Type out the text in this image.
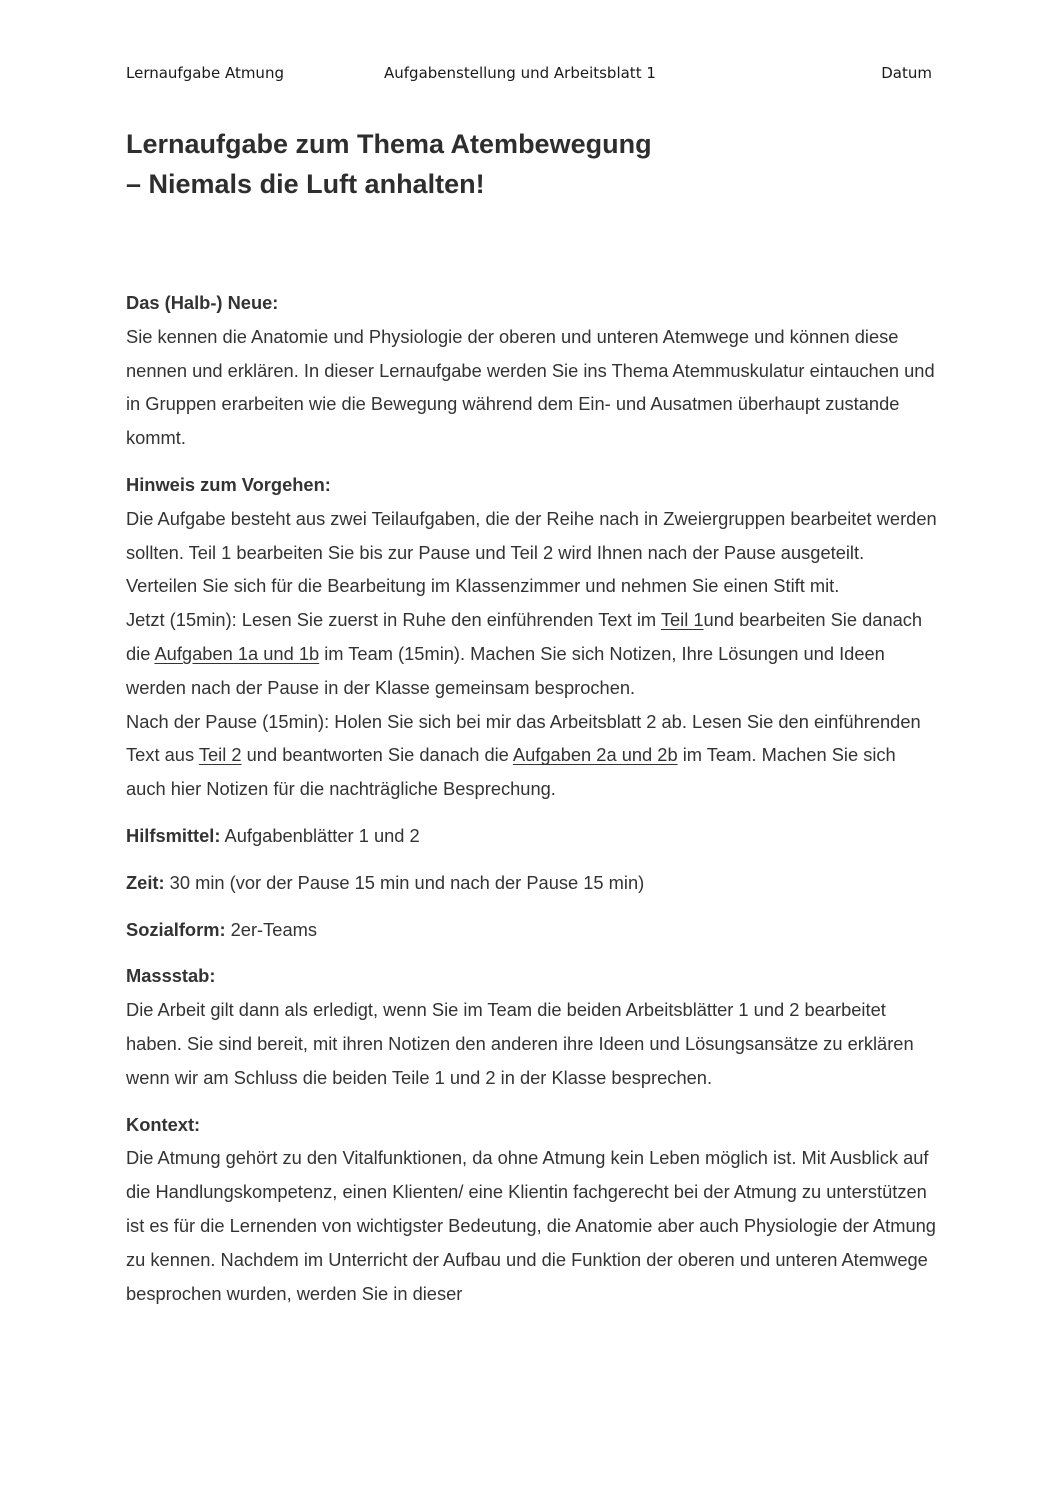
Lernaufgabe Atmung	Aufgabenstellung und Arbeitsblatt 1	Datum
Lernaufgabe zum Thema Atembewegung
– Niemals die Luft anhalten!
Das (Halb-) Neue:
Sie kennen die Anatomie und Physiologie der oberen und unteren Atemwege und können diese nennen und erklären. In dieser Lernaufgabe werden Sie ins Thema Atemmuskulatur eintauchen und in Gruppen erarbeiten wie die Bewegung während dem Ein- und Ausatmen überhaupt zustande kommt.
Hinweis zum Vorgehen:
Die Aufgabe besteht aus zwei Teilaufgaben, die der Reihe nach in Zweiergruppen bearbeitet werden sollten. Teil 1 bearbeiten Sie bis zur Pause und Teil 2 wird Ihnen nach der Pause ausgeteilt. Verteilen Sie sich für die Bearbeitung im Klassenzimmer und nehmen Sie einen Stift mit.
Jetzt (15min): Lesen Sie zuerst in Ruhe den einführenden Text im Teil 1und bearbeiten Sie danach die Aufgaben 1a und 1b im Team (15min). Machen Sie sich Notizen, Ihre Lösungen und Ideen werden nach der Pause in der Klasse gemeinsam besprochen.
Nach der Pause (15min): Holen Sie sich bei mir das Arbeitsblatt 2 ab. Lesen Sie den einführenden Text aus Teil 2 und beantworten Sie danach die Aufgaben 2a und 2b im Team. Machen Sie sich auch hier Notizen für die nachträgliche Besprechung.
Hilfsmittel: Aufgabenblätter 1 und 2
Zeit: 30 min (vor der Pause 15 min und nach der Pause 15 min)
Sozialform: 2er-Teams
Massstab:
Die Arbeit gilt dann als erledigt, wenn Sie im Team die beiden Arbeitsblätter 1 und 2 bearbeitet haben. Sie sind bereit, mit ihren Notizen den anderen ihre Ideen und Lösungsansätze zu erklären wenn wir am Schluss die beiden Teile 1 und 2 in der Klasse besprechen.
Kontext:
Die Atmung gehört zu den Vitalfunktionen, da ohne Atmung kein Leben möglich ist. Mit Ausblick auf die Handlungskompetenz, einen Klienten/ eine Klientin fachgerecht bei der Atmung zu unterstützen ist es für die Lernenden von wichtigster Bedeutung, die Anatomie aber auch Physiologie der Atmung zu kennen. Nachdem im Unterricht der Aufbau und die Funktion der oberen und unteren Atemwege besprochen wurden, werden Sie in dieser
